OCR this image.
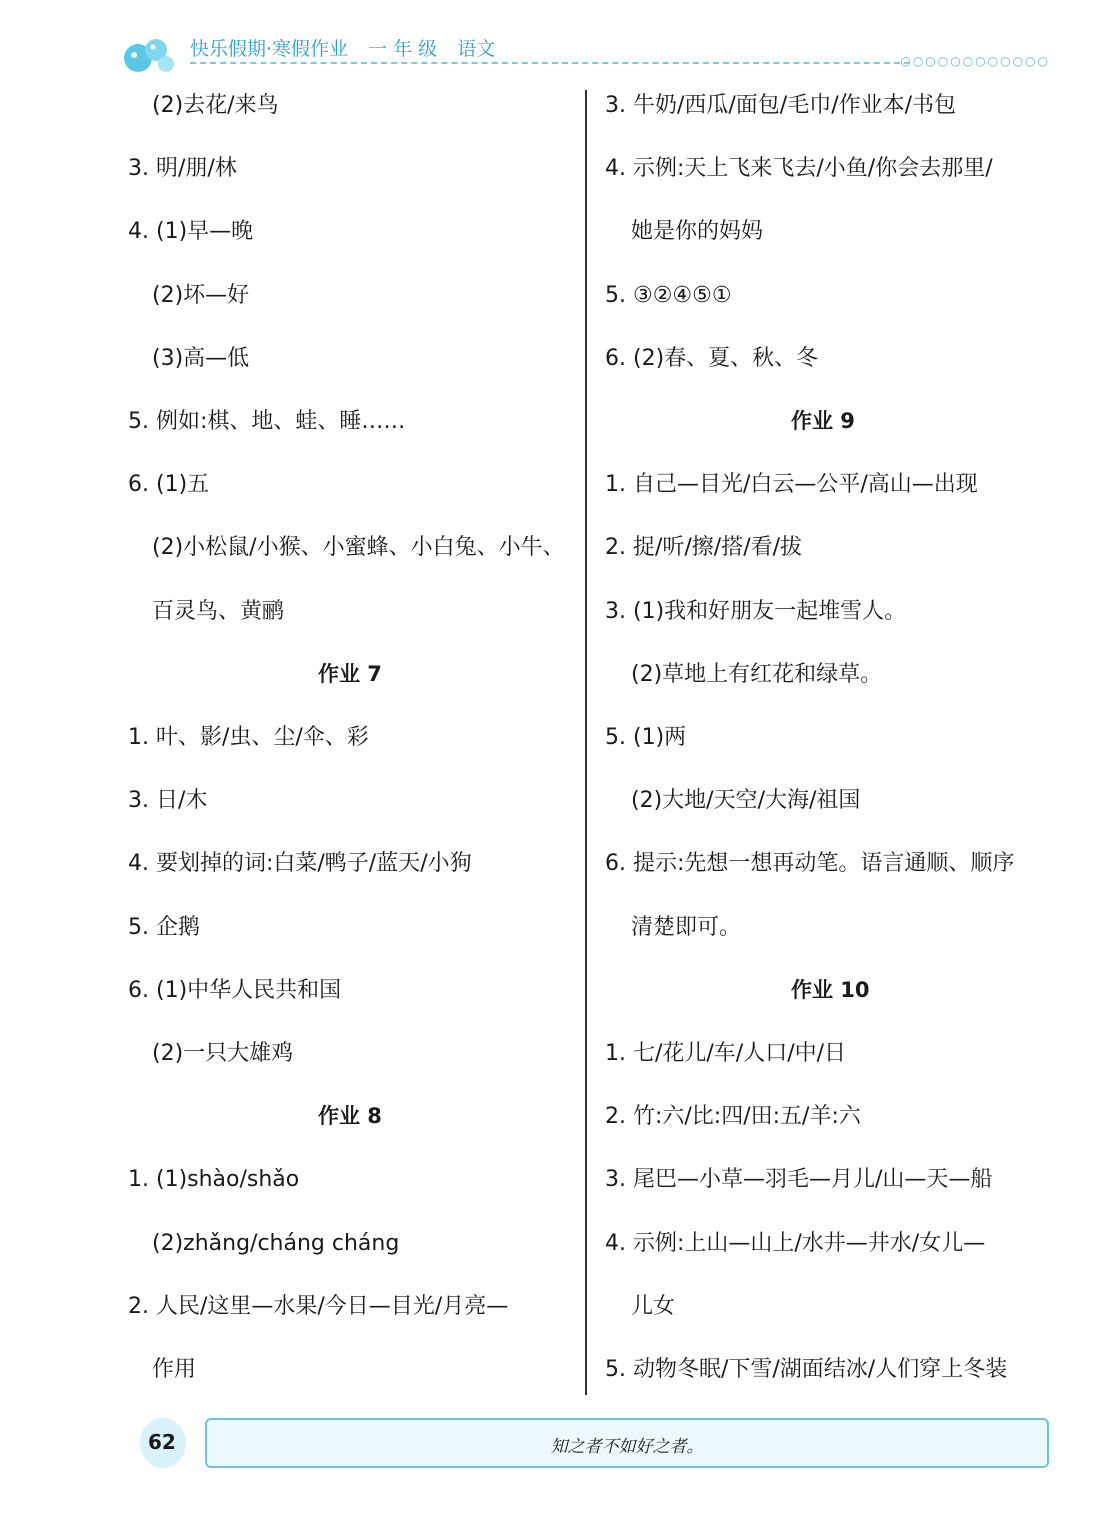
快乐假期·寒假作业 一 年 级 语文
○○○○○○○○○○○○
(2)去花/来鸟
3. 明/朋/林
4. (1)早—晚
(2)坏—好
(3)高—低
5. 例如:棋、地、蛙、睡……
6. (1)五
(2)小松鼠/小猴、小蜜蜂、小白兔、小牛、
百灵鸟、黄鹂
作业 7
1. 叶、影/虫、尘/伞、彩
3. 日/木
4. 要划掉的词:白菜/鸭子/蓝天/小狗
5. 企鹅
6. (1)中华人民共和国
(2)一只大雄鸡
作业 8
1. (1)shào/shǎo
(2)zhǎng/cháng cháng
2. 人民/这里—水果/今日—目光/月亮—
作用
3. 牛奶/西瓜/面包/毛巾/作业本/书包
4. 示例:天上飞来飞去/小鱼/你会去那里/
她是你的妈妈
5. ③②④⑤①
6. (2)春、夏、秋、冬
作业 9
1. 自己—目光/白云—公平/高山—出现
2. 捉/听/擦/搭/看/拔
3. (1)我和好朋友一起堆雪人。
(2)草地上有红花和绿草。
5. (1)两
(2)大地/天空/大海/祖国
6. 提示:先想一想再动笔。语言通顺、顺序
清楚即可。
作业 10
1. 七/花儿/车/人口/中/日
2. 竹:六/比:四/田:五/羊:六
3. 尾巴—小草—羽毛—月儿/山—天—船
4. 示例:上山—山上/水井—井水/女儿—
儿女
5. 动物冬眠/下雪/湖面结冰/人们穿上冬装
62	知之者不如好之者。
